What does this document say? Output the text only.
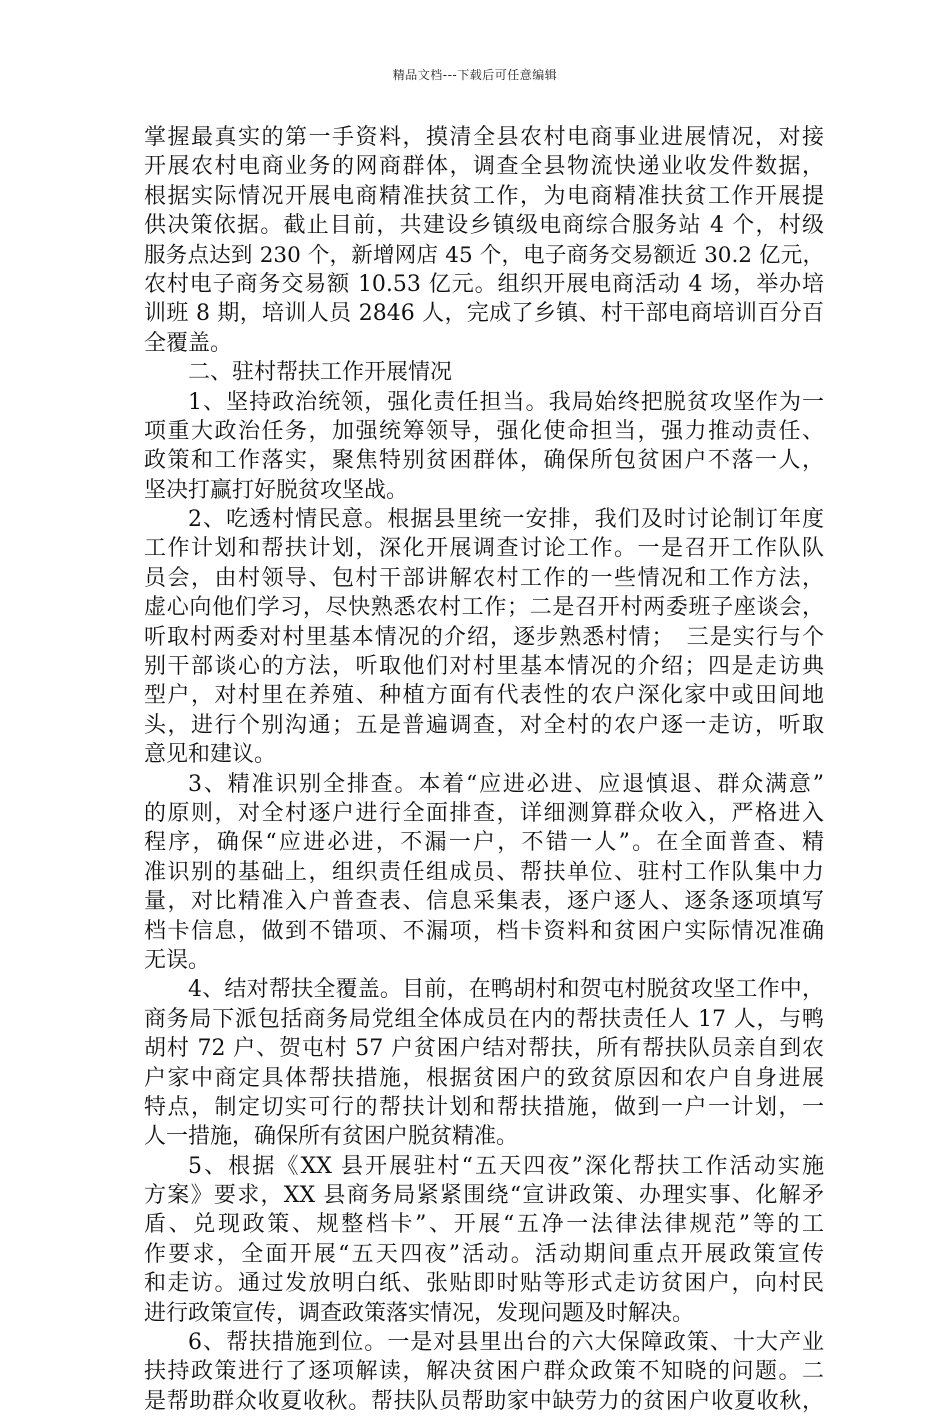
精品文档---下载后可任意编辑
掌握最真实的第一手资料，摸清全县农村电商事业进展情况，对接
开展农村电商业务的网商群体，调查全县物流快递业收发件数据，
根据实际情况开展电商精准扶贫工作，为电商精准扶贫工作开展提
供决策依据。截止目前，共建设乡镇级电商综合服务站 4 个，村级
服务点达到 230 个，新增网店 45 个，电子商务交易额近 30.2 亿元，
农村电子商务交易额 10.53 亿元。组织开展电商活动 4 场，举办培
训班 8 期，培训人员 2846 人，完成了乡镇、村干部电商培训百分百
全覆盖。
二、驻村帮扶工作开展情况
1、坚持政治统领，强化责任担当。我局始终把脱贫攻坚作为一
项重大政治任务，加强统筹领导，强化使命担当，强力推动责任、
政策和工作落实，聚焦特别贫困群体，确保所包贫困户不落一人，
坚决打赢打好脱贫攻坚战。
2、吃透村情民意。根据县里统一安排，我们及时讨论制订年度
工作计划和帮扶计划，深化开展调查讨论工作。一是召开工作队队
员会，由村领导、包村干部讲解农村工作的一些情况和工作方法，
虚心向他们学习，尽快熟悉农村工作；二是召开村两委班子座谈会，
听取村两委对村里基本情况的介绍，逐步熟悉村情；　三是实行与个
别干部谈心的方法，听取他们对村里基本情况的介绍；四是走访典
型户，对村里在养殖、种植方面有代表性的农户深化家中或田间地
头，进行个别沟通；五是普遍调查，对全村的农户逐一走访，听取
意见和建议。
3、精准识别全排查。本着“应进必进、应退慎退、群众满意”
的原则，对全村逐户进行全面排查，详细测算群众收入，严格进入
程序，确保“应进必进，不漏一户，不错一人”。在全面普查、精
准识别的基础上，组织责任组成员、帮扶单位、驻村工作队集中力
量，对比精准入户普查表、信息采集表，逐户逐人、逐条逐项填写
档卡信息，做到不错项、不漏项，档卡资料和贫困户实际情况准确
无误。
4、结对帮扶全覆盖。目前，在鸭胡村和贺屯村脱贫攻坚工作中，
商务局下派包括商务局党组全体成员在内的帮扶责任人 17 人，与鸭
胡村 72 户、贺屯村 57 户贫困户结对帮扶，所有帮扶队员亲自到农
户家中商定具体帮扶措施，根据贫困户的致贫原因和农户自身进展
特点，制定切实可行的帮扶计划和帮扶措施，做到一户一计划，一
人一措施，确保所有贫困户脱贫精准。
5、根据《XX 县开展驻村“五天四夜”深化帮扶工作活动实施
方案》要求，XX 县商务局紧紧围绕“宣讲政策、办理实事、化解矛
盾、兑现政策、规整档卡”、开展“五净一法律法律规范”等的工
作要求，全面开展“五天四夜”活动。活动期间重点开展政策宣传
和走访。通过发放明白纸、张贴即时贴等形式走访贫困户，向村民
进行政策宣传，调查政策落实情况，发现问题及时解决。
6、帮扶措施到位。一是对县里出台的六大保障政策、十大产业
扶持政策进行了逐项解读，解决贫困户群众政策不知晓的问题。二
是帮助群众收夏收秋。帮扶队员帮助家中缺劳力的贫困户收夏收秋，
